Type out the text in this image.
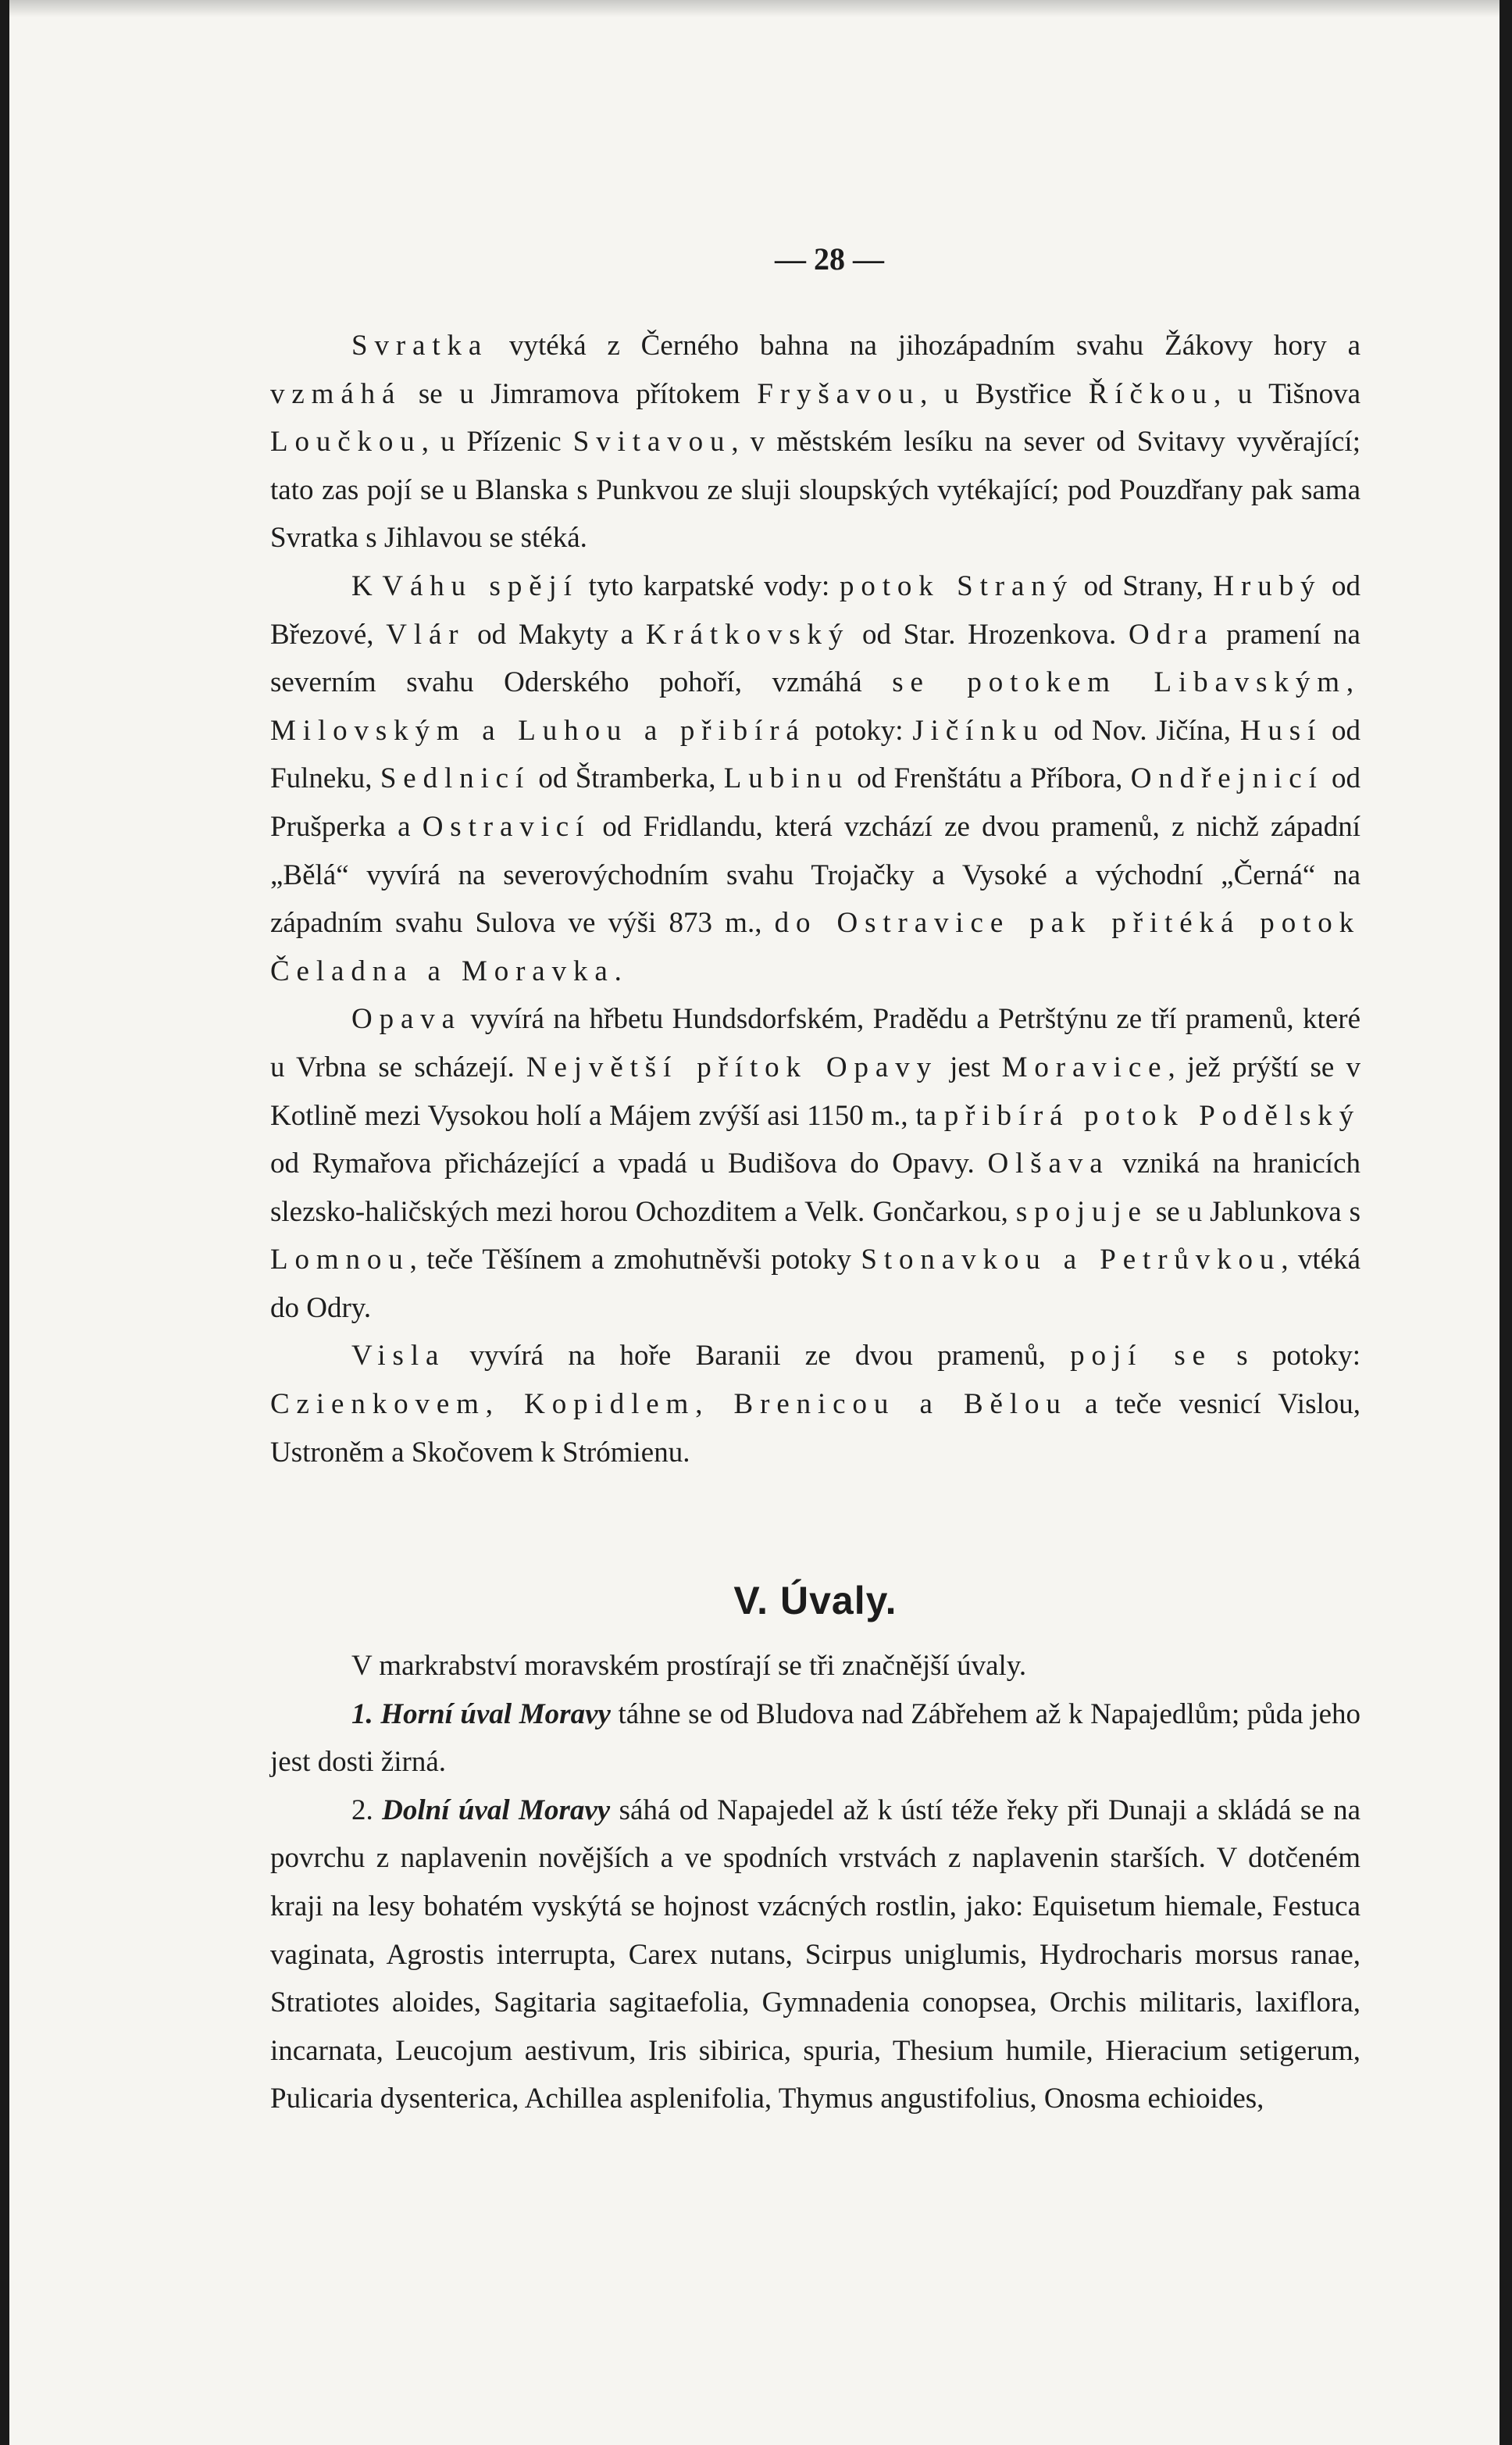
— 28 —

Svratka vytéká z Černého bahna na jihozápadním svahu Žákovy hory a vzmáhá se u Jimramova přítokem Fryšavou, u Bystřice Říčkou, u Tišnova Loučkou, u Přízenic Svitavou, v městském lesíku na sever od Svitavy vyvěrající; tato zas pojí se u Blanska s Punkvou ze sluji sloupských vytékající; pod Pouzdřany pak sama Svratka s Jihlavou se stéká.

K Váhu spějí tyto karpatské vody: potok Straný od Strany, Hrubý od Březové, Vlár od Makyty a Krátkovský od Star. Hrozenkova. Odra pramení na severním svahu Oderského pohoří, vzmáhá se potokem Libavským, Milovským a Luhou a přibírá potoky: Jičínku od Nov. Jičína, Husí od Fulneku, Sedlnicí od Štramberka, Lubinu od Frenštátu a Příbora, Ondřejnicí od Prušperka a Ostravicí od Fridlandu, která vzchází ze dvou pramenů, z nichž západní „Bělá“ vyvírá na severovýchodním svahu Trojačky a Vysoké a východní „Černá“ na západním svahu Sulova ve výši 873 m., do Ostravice pak přitéká potok Čeladna a Moravka.

Opava vyvírá na hřbetu Hundsdorfském, Pradědu a Petrštýnu ze tří pramenů, které u Vrbna se scházejí. Největší přítok Opavy jest Moravice, jež prýští se v Kotlině mezi Vysokou holí a Májem zvýší asi 1150 m., ta přibírá potok Podělský od Rymařova přicházející a vpadá u Budišova do Opavy. Olšava vzniká na hranicích slezsko-haličských mezi horou Ochozditem a Velk. Gončarkou, spojuje se u Jablunkova s Lomnou, teče Těšínem a zmohutněvši potoky Stonavkou a Petrůvkou, vtéká do Odry.

Visla vyvírá na hoře Baranii ze dvou pramenů, pojí se s potoky: Czienkovem, Kopidlem, Brenicou a Bělou a teče vesnicí Vislou, Ustroněm a Skočovem k Strómienu.

V. Úvaly.

V markrabství moravském prostírají se tři značnější úvaly.

1. Horní úval Moravy táhne se od Bludova nad Zábřehem až k Napajedlům; půda jeho jest dosti žirná.

2. Dolní úval Moravy sáhá od Napajedel až k ústí téže řeky při Dunaji a skládá se na povrchu z naplavenin novějších a ve spodních vrstvách z naplavenin starších. V dotčeném kraji na lesy bohatém vyskýtá se hojnost vzácných rostlin, jako: Equisetum hiemale, Festuca vaginata, Agrostis interrupta, Carex nutans, Scirpus uniglumis, Hydrocharis morsus ranae, Stratiotes aloides, Sagitaria sagitaefolia, Gymnadenia conopsea, Orchis militaris, laxiflora, incarnata, Leucojum aestivum, Iris sibirica, spuria, Thesium humile, Hieracium setigerum, Pulicaria dysenterica, Achillea asplenifolia, Thymus angustifolius, Onosma echioides,
